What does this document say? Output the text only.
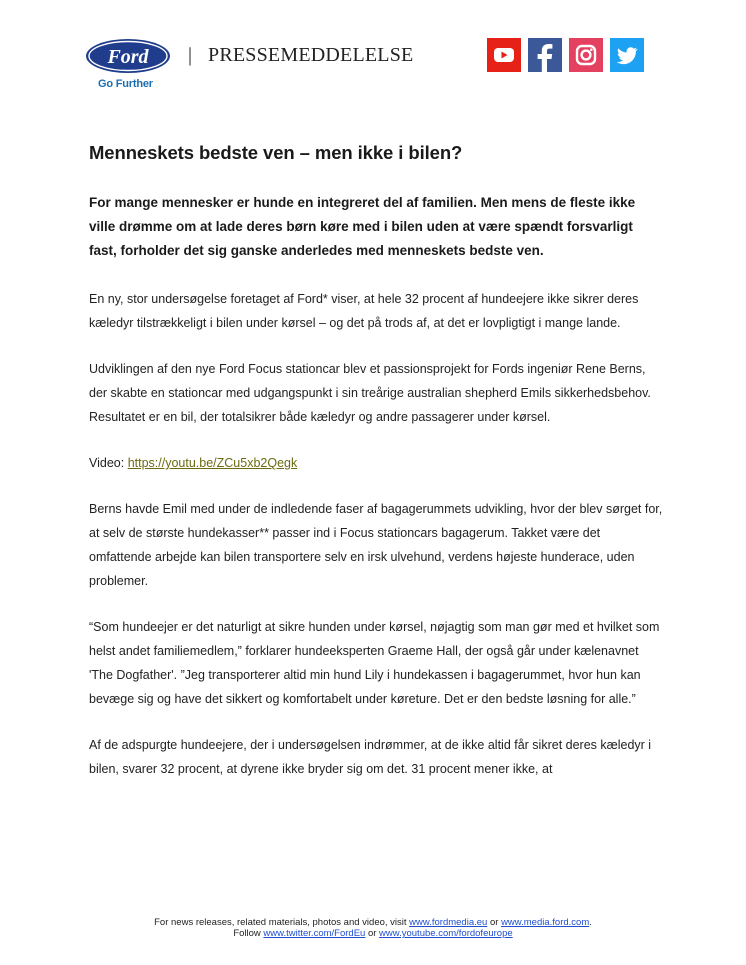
Ford
Go Further
| PRESSEMEDDELELSE
Menneskets bedste ven – men ikke i bilen?

For mange mennesker er hunde en integreret del af familien. Men mens de fleste ikke ville drømme om at lade deres børn køre med i bilen uden at være spændt forsvarligt fast, forholder det sig ganske anderledes med menneskets bedste ven.

En ny, stor undersøgelse foretaget af Ford* viser, at hele 32 procent af hundeejere ikke sikrer deres kæledyr tilstrækkeligt i bilen under kørsel – og det på trods af, at det er lovpligtigt i mange lande.

Udviklingen af den nye Ford Focus stationcar blev et passionsprojekt for Fords ingeniør Rene Berns, der skabte en stationcar med udgangspunkt i sin treårige australian shepherd Emils sikkerhedsbehov. Resultatet er en bil, der totalsikrer både kæledyr og andre passagerer under kørsel.

Video: https://youtu.be/ZCu5xb2Qegk

Berns havde Emil med under de indledende faser af bagagerummets udvikling, hvor der blev sørget for, at selv de største hundekasser** passer ind i Focus stationcars bagagerum. Takket være det omfattende arbejde kan bilen transportere selv en irsk ulvehund, verdens højeste hunderace, uden problemer.

“Som hundeejer er det naturligt at sikre hunden under kørsel, nøjagtig som man gør med et hvilket som helst andet familiemedlem,” forklarer hundeeksperten Graeme Hall, der også går under kælenavnet 'The Dogfather'. ”Jeg transporterer altid min hund Lily i hundekassen i bagagerummet, hvor hun kan bevæge sig og have det sikkert og komfortabelt under køreture. Det er den bedste løsning for alle.”

Af de adspurgte hundeejere, der i undersøgelsen indrømmer, at de ikke altid får sikret deres kæledyr i bilen, svarer 32 procent, at dyrene ikke bryder sig om det. 31 procent mener ikke, at

For news releases, related materials, photos and video, visit www.fordmedia.eu or www.media.ford.com.
Follow www.twitter.com/FordEu or www.youtube.com/fordofeurope
